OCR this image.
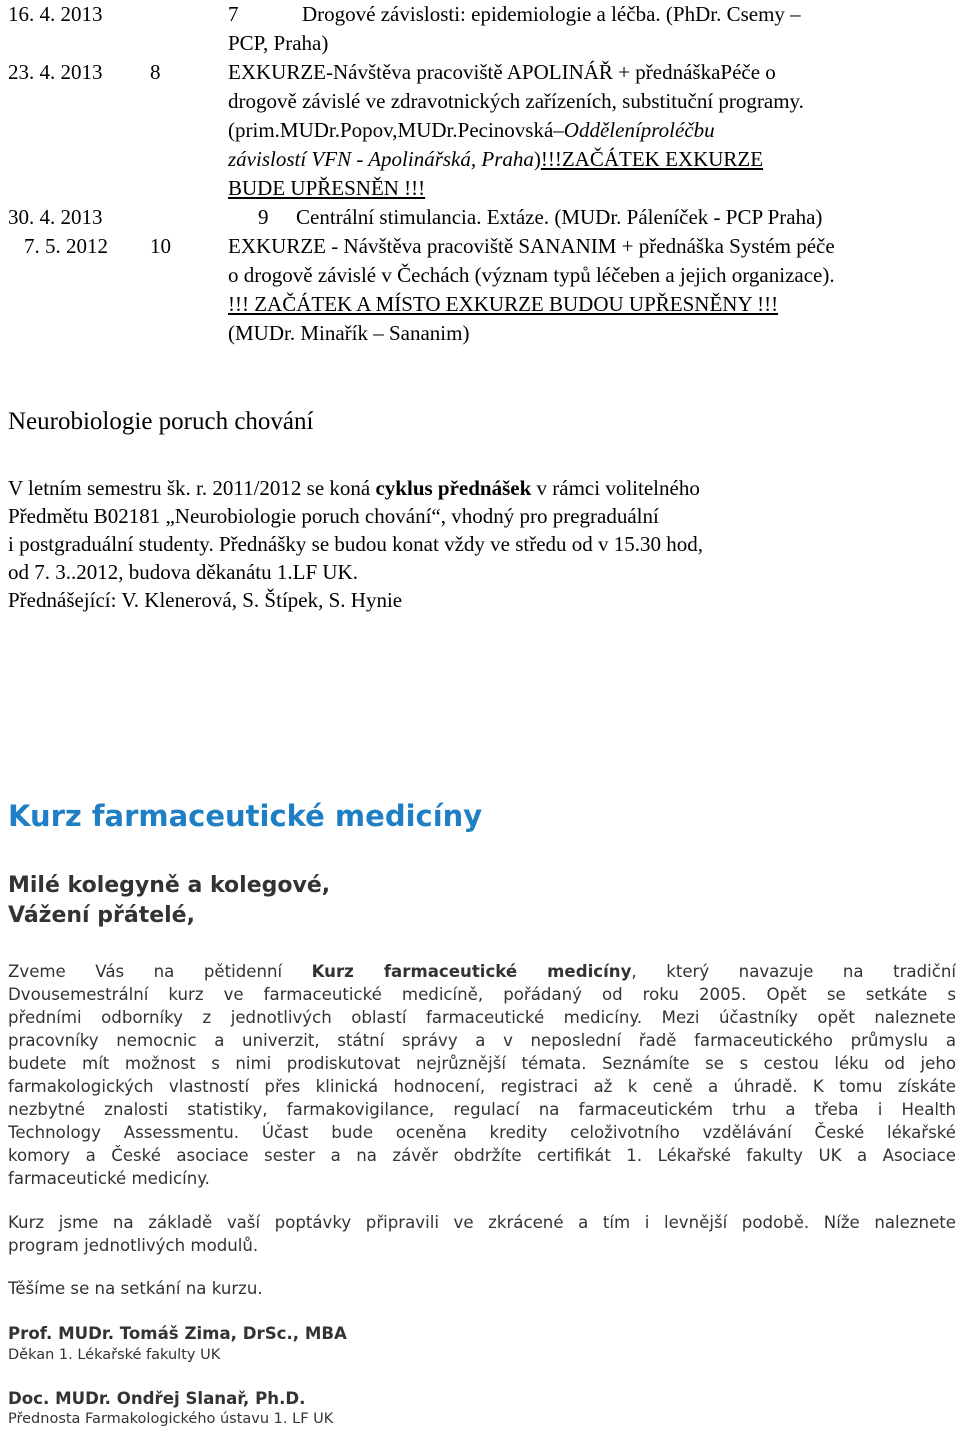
16. 4. 2013	7	Drogové závislosti: epidemiologie a léčba. (PhDr. Csemy –
PCP, Praha)
23. 4. 2013 8	EXKURZE-Návštěva pracoviště APOLINÁŘ + přednáškaPéče o
drogově závislé ve zdravotnických zařízeních, substituční programy.
(prim.MUDr.Popov,MUDr.Pecinovská–Odděleníproléčbu
závislostí VFN - Apolinářská, Praha)!!!ZAČÁTEK EXKURZE
BUDE UPŘESNĚN !!!
30. 4. 2013	9 Centrální stimulancia. Extáze. (MUDr. Páleníček - PCP Praha)
7. 5. 2012 10	EXKURZE - Návštěva pracoviště SANANIM + přednáška Systém péče
o drogově závislé v Čechách (význam typů léčeben a jejich organizace).
!!! ZAČÁTEK A MÍSTO EXKURZE BUDOU UPŘESNĚNY !!!
(MUDr. Minařík – Sananim)
Neurobiologie poruch chování
V letním semestru šk. r. 2011/2012 se koná cyklus přednášek v rámci volitelného
Předmětu B02181 „Neurobiologie poruch chování“, vhodný pro pregraduální
i postgraduální studenty. Přednášky se budou konat vždy ve středu od v 15.30 hod,
od 7. 3..2012, budova děkanátu 1.LF UK.
Přednášející: V. Klenerová, S. Štípek, S. Hynie
Kurz farmaceutické medicíny
Milé kolegyně a kolegové,
Vážení přátelé,
Zveme Vás na pětidenní Kurz farmaceutické medicíny, který navazuje na tradiční
Dvousemestrální kurz ve farmaceutické medicíně, pořádaný od roku 2005. Opět se setkáte s
předními odborníky z jednotlivých oblastí farmaceutické medicíny. Mezi účastníky opět naleznete
pracovníky nemocnic a univerzit, státní správy a v neposlední řadě farmaceutického průmyslu a
budete mít možnost s nimi prodiskutovat nejrůznější témata. Seznámíte se s cestou léku od jeho
farmakologických vlastností přes klinická hodnocení, registraci až k ceně a úhradě. K tomu získáte
nezbytné znalosti statistiky, farmakovigilance, regulací na farmaceutickém trhu a třeba i Health
Technology Assessmentu. Účast bude oceněna kredity celoživotního vzdělávání České lékařské
komory a České asociace sester a na závěr obdržíte certifikát 1. Lékařské fakulty UK a Asociace
farmaceutické medicíny.
Kurz jsme na základě vaší poptávky připravili ve zkrácené a tím i levnější podobě. Níže naleznete
program jednotlivých modulů.
Těšíme se na setkání na kurzu.
Prof. MUDr. Tomáš Zima, DrSc., MBA
Děkan 1. Lékařské fakulty UK
Doc. MUDr. Ondřej Slanař, Ph.D.
Přednosta Farmakologického ústavu 1. LF UK
